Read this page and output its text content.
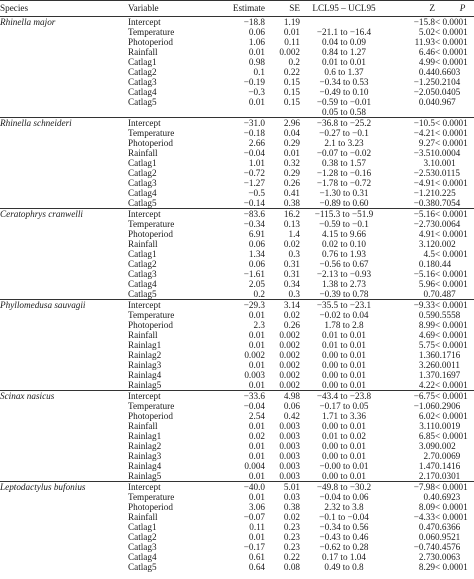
Species	Variable	Estimate	SE	LCL95 – UCL95	Z	P
Rhinella major	Intercept	−18.8	1.19		−15.8	< 0.0001
	Temperature	0.06	0.01	−21.1 to −16.4	5.02	< 0.0001
	Photoperiod	1.06	0.11	0.04 to 0.09	11.93	< 0.0001
	Rainfall	0.01	0.002	0.84 to 1.27	6.46	< 0.0001
	Catlag1	0.98	0.2	0.01 to 0.01	4.99	< 0.0001
	Catlag2	0.1	0.22	0.6 to 1.37	0.44	0.6603
	Catlag3	−0.19	0.15	−0.34 to 0.53	−1.25	0.2104
	Catlag4	−0.3	0.15	−0.49 to 0.10	−2.05	0.0405
	Catlag5	0.01	0.15	−0.59 to −0.01	0.04	0.967
				0.05 to 0.58		
Rhinella schneideri	Intercept	−31.0	2.96	−36.8 to −25.2	−10.5	< 0.0001
	Temperature	−0.18	0.04	−0.27 to −0.1	−4.21	< 0.0001
	Photoperiod	2.66	0.29	2.1 to 3.23	9.27	< 0.0001
	Rainfall	−0.04	0.01	−0.07 to −0.02	−3.51	0.0004
	Catlag1	1.01	0.32	0.38 to 1.57	3.1	0.001
	Catlag2	−0.72	0.29	−1.28 to −0.16	−2.53	0.0115
	Catlag3	−1.27	0.26	−1.78 to −0.72	−4.91	< 0.0001
	Catlag4	−0.5	0.41	−1.30 to 0.31	−1.21	0.225
	Catlag5	−0.14	0.38	−0.89 to 0.60	−0.38	0.7054
Ceratophrys cranwelli	Intercept	−83.6	16.2	−115.3 to −51.9	−5.16	< 0.0001
	Temperature	−0.34	0.13	−0.59 to −0.1	−2.73	0.0064
	Photoperiod	6.91	1.4	4.15 to 9.66	4.91	< 0.0001
	Rainfall	0.06	0.02	0.02 to 0.10	3.12	0.002
	Catlag1	1.34	0.3	0.76 to 1.93	4.5	< 0.0001
	Catlag2	0.06	0.31	−0.56 to 0.67	0.18	0.44
	Catlag3	−1.61	0.31	−2.13 to −0.93	−5.16	< 0.0001
	Catlag4	2.05	0.34	1.38 to 2.73	5.96	< 0.0001
	Catlag5	0.2	0.3	−0.39 to 0.78	0.7	0.487
Phyllomedusa sauvagii	Intercept	−29.3	3.14	−35.5 to −23.1	−9.33	< 0.0001
	Temperature	0.01	0.02	−0.02 to 0.04	0.59	0.5558
	Photoperiod	2.3	0.26	1.78 to 2.8	8.99	< 0.0001
	Rainfall	0.01	0.002	0.01 to 0.01	4.69	< 0.0001
	Rainlag1	0.01	0.002	0.01 to 0.01	5.75	< 0.0001
	Rainlag2	0.002	0.002	0.00 to 0.01	1.36	0.1716
	Rainlag3	0.01	0.002	0.00 to 0.01	3.26	0.0011
	Rainlag4	0.003	0.002	0.00 to 0.01	1.37	0.1697
	Rainlag5	0.01	0.002	0.00 to 0.01	4.22	< 0.0001
Scinax nasicus	Intercept	−33.6	4.98	−43.4 to −23.8	−6.75	< 0.0001
	Temperature	−0.04	0.06	−0.17 to 0.05	−1.06	0.2906
	Photoperiod	2.54	0.42	1.71 to 3.36	6.02	< 0.0001
	Rainfall	0.01	0.003	0.00 to 0.01	3.11	0.0019
	Rainlag1	0.02	0.003	0.01 to 0.02	6.85	< 0.0001
	Rainlag2	0.01	0.003	0.00 to 0.01	3.09	0.002
	Rainlag3	0.01	0.003	0.00 to 0.01	2.7	0.0069
	Rainlag4	0.004	0.003	−0.00 to 0.01	1.47	0.1416
	Rainlag5	0.01	0.003	0.00 to 0.01	2.17	0.0301
Leptodactylus bufonius	Intercept	−40.0	5.01	−49.8 to −30.2	−7.98	< 0.0001
	Temperature	0.01	0.03	−0.04 to 0.06	0.4	0.6923
	Photoperiod	3.06	0.38	2.32 to 3.8	8.09	< 0.0001
	Rainfall	−0.07	0.02	−0.1 to −0.04	−4.33	< 0.0001
	Catlag1	0.11	0.23	−0.34 to 0.56	0.47	0.6366
	Catlag2	0.01	0.23	−0.43 to 0.46	0.06	0.9521
	Catlag3	−0.17	0.23	−0.62 to 0.28	−0.74	0.4576
	Catlag4	0.61	0.22	0.17 to 1.04	2.73	0.0063
	Catlag5	0.64	0.08	0.49 to 0.8	8.29	< 0.0001
